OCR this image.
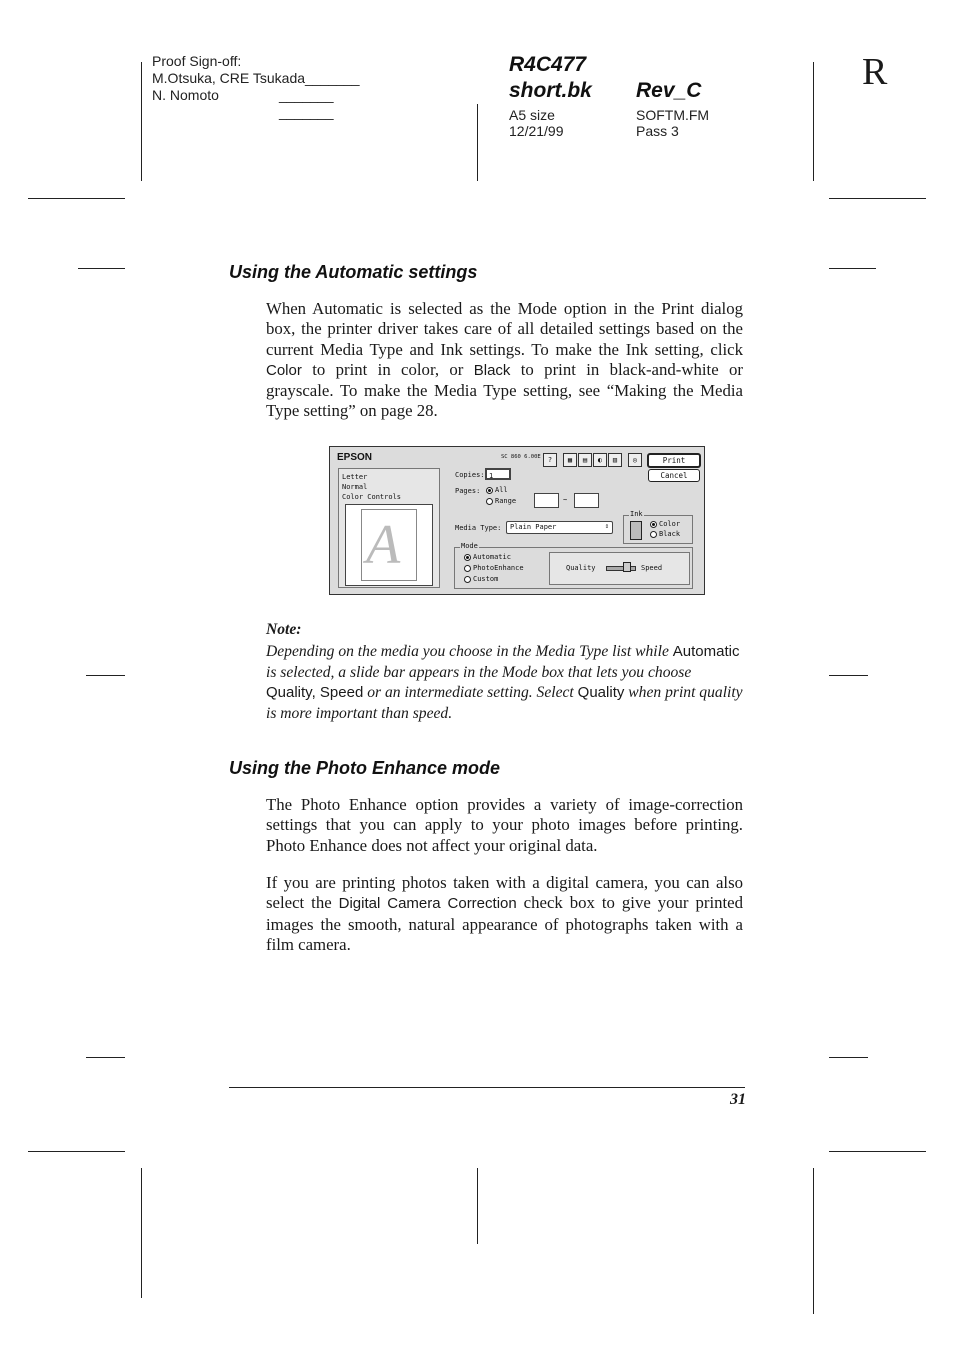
Proof Sign-off:
M.Otsuka, CRE Tsukada_______
N. Nomoto	_______
_______
R4C477
short.bk Rev_C
A5 size
12/21/99
SOFTM.FM
Pass 3
R
Using the Automatic settings
When Automatic is selected as the Mode option in the Print dialog box, the printer driver takes care of all detailed settings based on the current Media Type and Ink settings. To make the Ink setting, click Color to print in color, or Black to print in black-and-white or grayscale. To make the Media Type setting, see “Making the Media Type setting” on page 28.
EPSON	SC 860 6.00E	?	▦	▤	◐	▥	◎	Print
Cancel
Letter
Normal
Color Controls
A
Copies: 1
Pages:	All
Range	~
Media Type: Plain Paper	⇕
Ink
Color
Black
Mode
Automatic
PhotoEnhance
Custom
Quality	Speed
Note:
Depending on the media you choose in the Media Type list while Automatic is selected, a slide bar appears in the Mode box that lets you choose Quality, Speed or an intermediate setting. Select Quality when print quality is more important than speed.
Using the Photo Enhance mode
The Photo Enhance option provides a variety of image-correction settings that you can apply to your photo images before printing. Photo Enhance does not affect your original data.
If you are printing photos taken with a digital camera, you can also select the Digital Camera Correction check box to give your printed images the smooth, natural appearance of photographs taken with a film camera.
31
